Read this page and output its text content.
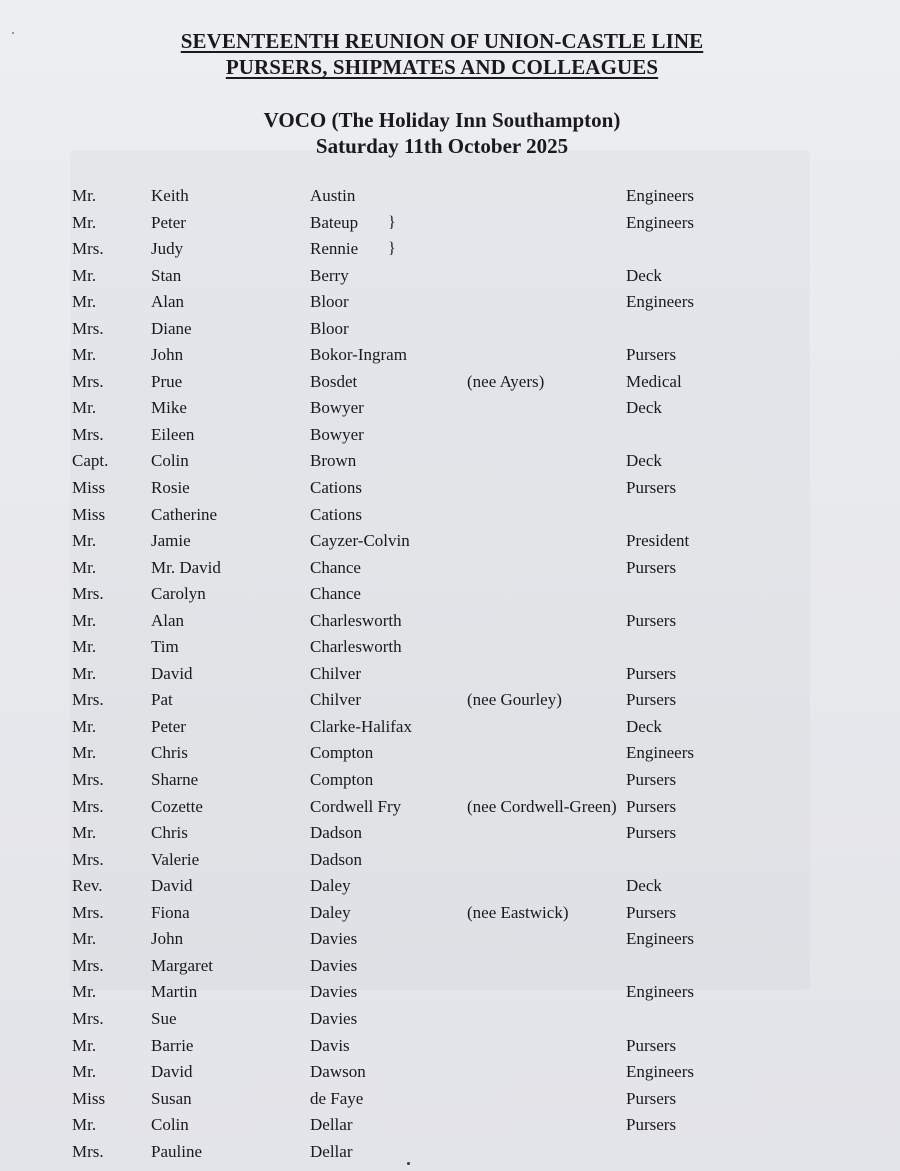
SEVENTEENTH REUNION OF UNION-CASTLE LINE
PURSERS, SHIPMATES AND COLLEAGUES
VOCO (The Holiday Inn Southampton)
Saturday 11th October 2025
Mr.	Keith	Austin	Engineers
Mr.	Peter	Bateup }	Engineers
Mrs.	Judy	Rennie }
Mr.	Stan	Berry	Deck
Mr.	Alan	Bloor	Engineers
Mrs.	Diane	Bloor
Mr.	John	Bokor-Ingram	Pursers
Mrs.	Prue	Bosdet	(nee Ayers)	Medical
Mr.	Mike	Bowyer	Deck
Mrs.	Eileen	Bowyer
Capt.	Colin	Brown	Deck
Miss	Rosie	Cations	Pursers
Miss	Catherine	Cations
Mr.	Jamie	Cayzer-Colvin	President
Mr.	Mr. David	Chance	Pursers
Mrs.	Carolyn	Chance
Mr.	Alan	Charlesworth	Pursers
Mr.	Tim	Charlesworth
Mr.	David	Chilver	Pursers
Mrs.	Pat	Chilver	(nee Gourley)	Pursers
Mr.	Peter	Clarke-Halifax	Deck
Mr.	Chris	Compton	Engineers
Mrs.	Sharne	Compton	Pursers
Mrs.	Cozette	Cordwell Fry	(nee Cordwell-Green) Pursers
Mr.	Chris	Dadson	Pursers
Mrs.	Valerie	Dadson
Rev.	David	Daley	Deck
Mrs.	Fiona	Daley	(nee Eastwick)	Pursers
Mr.	John	Davies	Engineers
Mrs.	Margaret	Davies
Mr.	Martin	Davies	Engineers
Mrs.	Sue	Davies
Mr.	Barrie	Davis	Pursers
Mr.	David	Dawson	Engineers
Miss	Susan	de Faye	Pursers
Mr.	Colin	Dellar	Pursers
Mrs.	Pauline	Dellar
